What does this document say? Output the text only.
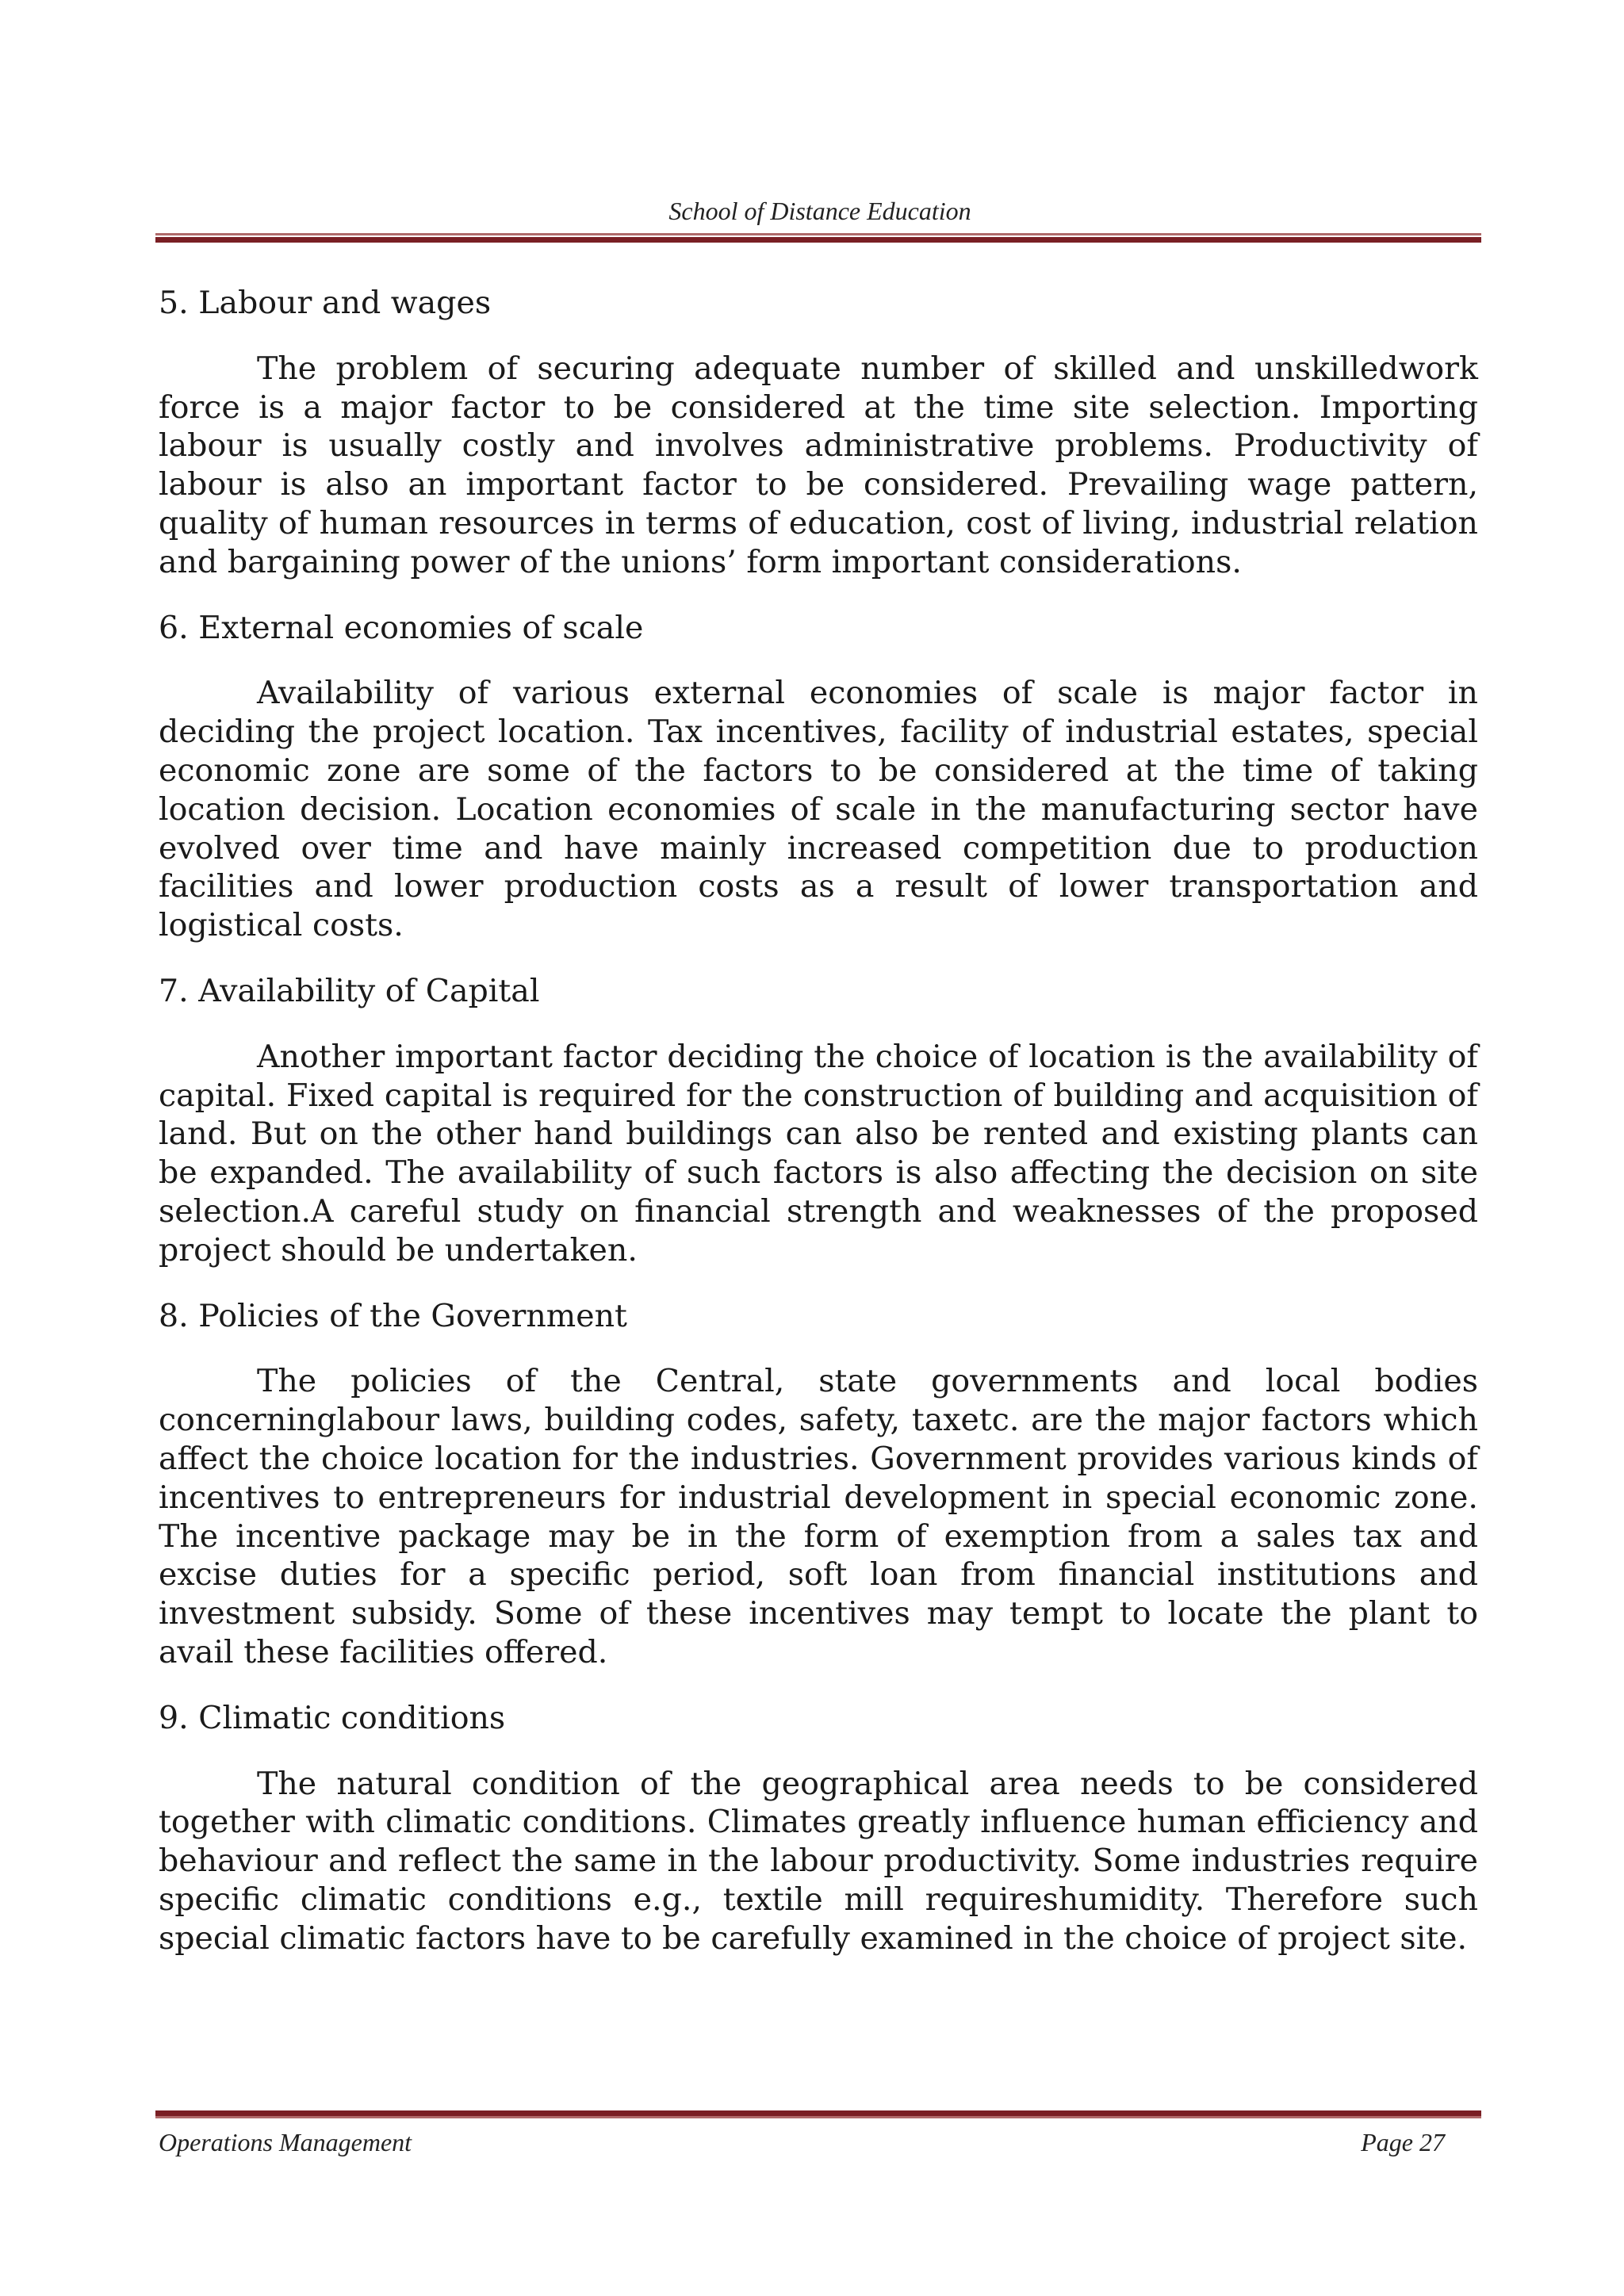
School of Distance Education

5. Labour and wages

The problem of securing adequate number of skilled and unskilledwork force is a major factor to be considered at the time site selection. Importing labour is usually costly and involves administrative problems. Productivity of labour is also an important factor to be considered. Prevailing wage pattern, quality of human resources in terms of education, cost of living, industrial relation and bargaining power of the unions’ form important considerations.

6. External economies of scale

Availability of various external economies of scale is major factor in deciding the project location. Tax incentives, facility of industrial estates, special economic zone are some of the factors to be considered at the time of taking location decision. Location economies of scale in the manufacturing sector have evolved over time and have mainly increased competition due to production facilities and lower production costs as a result of lower transportation and logistical costs.

7. Availability of Capital

Another important factor deciding the choice of location is the availability of capital. Fixed capital is required for the construction of building and acquisition of land. But on the other hand buildings can also be rented and existing plants can be expanded. The availability of such factors is also affecting the decision on site selection.A careful study on financial strength and weaknesses of the proposed project should be undertaken.

8. Policies of the Government

The policies of the Central, state governments and local bodies concerninglabour laws, building codes, safety, taxetc. are the major factors which affect the choice location for the industries. Government provides various kinds of incentives to entrepreneurs for industrial development in special economic zone. The incentive package may be in the form of exemption from a sales tax and excise duties for a specific period, soft loan from financial institutions and investment subsidy. Some of these incentives may tempt to locate the plant to avail these facilities offered.

9. Climatic conditions

The natural condition of the geographical area needs to be considered together with climatic conditions. Climates greatly influence human efficiency and behaviour and reflect the same in the labour productivity. Some industries require specific climatic conditions e.g., textile mill requireshumidity. Therefore such special climatic factors have to be carefully examined in the choice of project site.

Operations Management	Page 27
